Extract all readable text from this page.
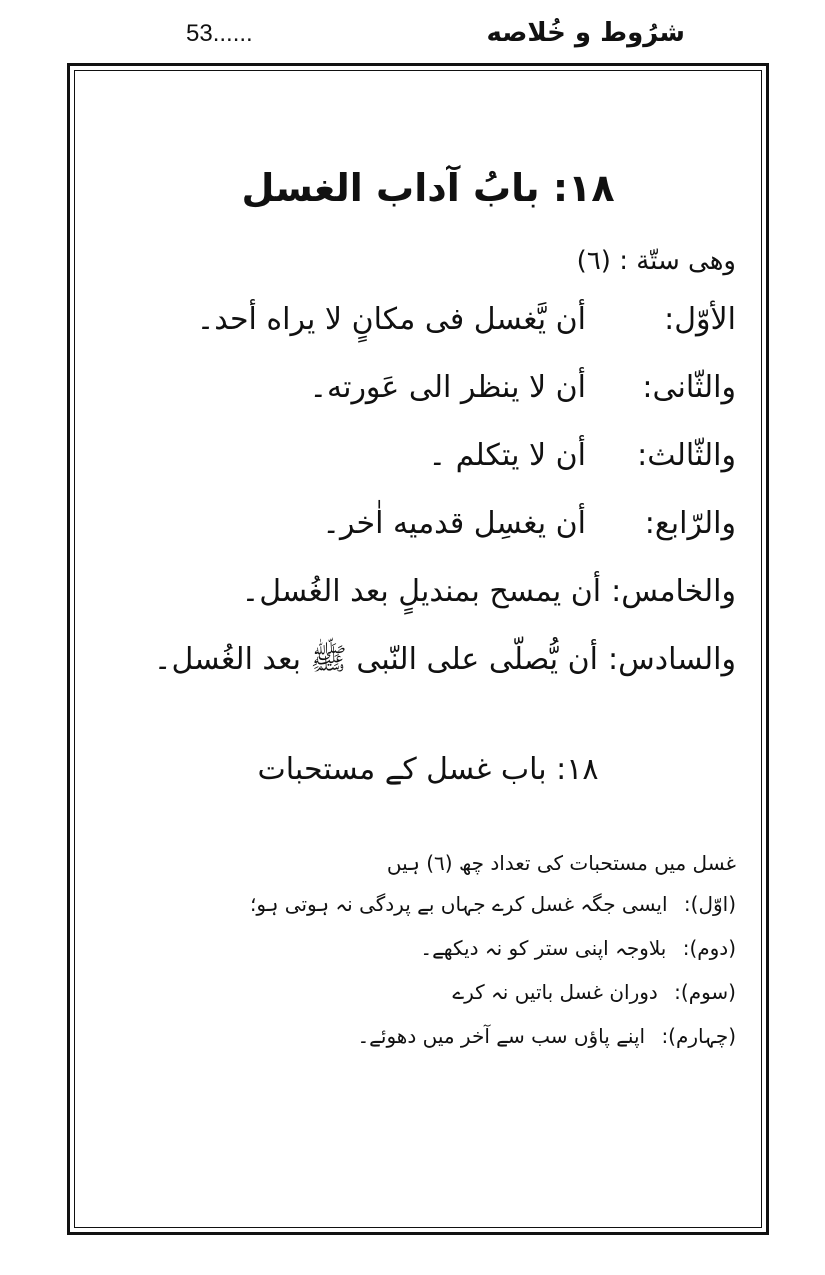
53......	شرُوط و خُلاصه
١٨: بابُ آداب الغسل
وهى ستّة : (٦)
الأوّل:
أن يَّغسل فى مكانٍ لا يراه أحد۔
والثّانى:
أن لا ينظر الى عَورته۔
والثّالث:
أن لا يتكلم ۔
والرّابع:
أن يغسِل قدميه اٰخر۔
والخامس:
أن يمسح بمنديلٍ بعد الغُسل۔
والسادس:
أن يُّصلّى على النّبى ﷺ بعد الغُسل۔
١٨: باب غسل کے مستحبات
غسل میں مستحبات کی تعداد چھ (٦) ہیں
(اوّل): ایسی جگہ غسل کرے جہاں بے پردگی نہ ہوتی ہو؛
(دوم): بلاوجہ اپنی ستر کو نہ دیکھے۔
(سوم): دوران غسل باتیں نہ کرے
(چہارم): اپنے پاؤں سب سے آخر میں دھوئے۔
